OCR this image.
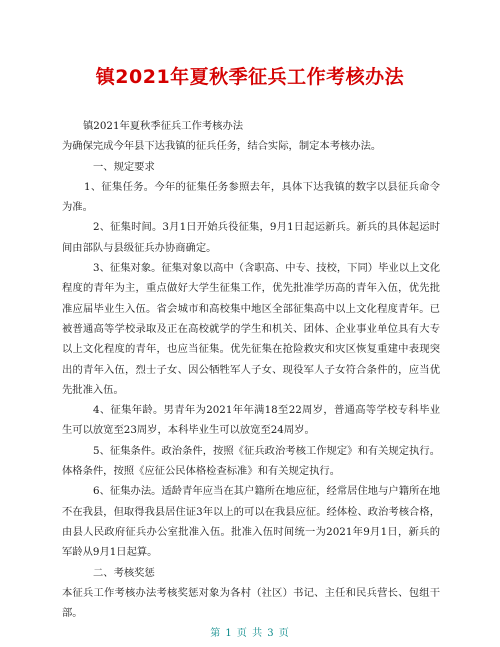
镇2021年夏秋季征兵工作考核办法

镇2021年夏秋季征兵工作考核办法

为确保完成今年县下达我镇的征兵任务，结合实际，制定本考核办法。

一、规定要求

1、征集任务。今年的征集任务参照去年，具体下达我镇的数字以县征兵命令为准。

2、征集时间。3月1日开始兵役征集，9月1日起运新兵。新兵的具体起运时间由部队与县级征兵办协商确定。

3、征集对象。征集对象以高中（含职高、中专、技校，下同）毕业以上文化程度的青年为主，重点做好大学生征集工作，优先批准学历高的青年入伍，优先批准应届毕业生入伍。省会城市和高校集中地区全部征集高中以上文化程度青年。已被普通高等学校录取及正在高校就学的学生和机关、团体、企业事业单位具有大专以上文化程度的青年，也应当征集。优先征集在抢险救灾和灾区恢复重建中表现突出的青年入伍，烈士子女、因公牺牲军人子女、现役军人子女符合条件的，应当优先批准入伍。

4、征集年龄。男青年为2021年年满18至22周岁，普通高等学校专科毕业生可以放宽至23周岁，本科毕业生可以放宽至24周岁。

5、征集条件。政治条件，按照《征兵政治考核工作规定》和有关规定执行。体格条件，按照《应征公民体格检查标准》和有关规定执行。

6、征集办法。适龄青年应当在其户籍所在地应征，经常居住地与户籍所在地不在我县，但取得我县居住证3年以上的可以在我县应征。经体检、政治考核合格，由县人民政府征兵办公室批准入伍。批准入伍时间统一为2021年9月1日，新兵的军龄从9月1日起算。

二、考核奖惩

本征兵工作考核办法考核奖惩对象为各村（社区）书记、主任和民兵营长、包组干部。

第 1 页 共 3 页
